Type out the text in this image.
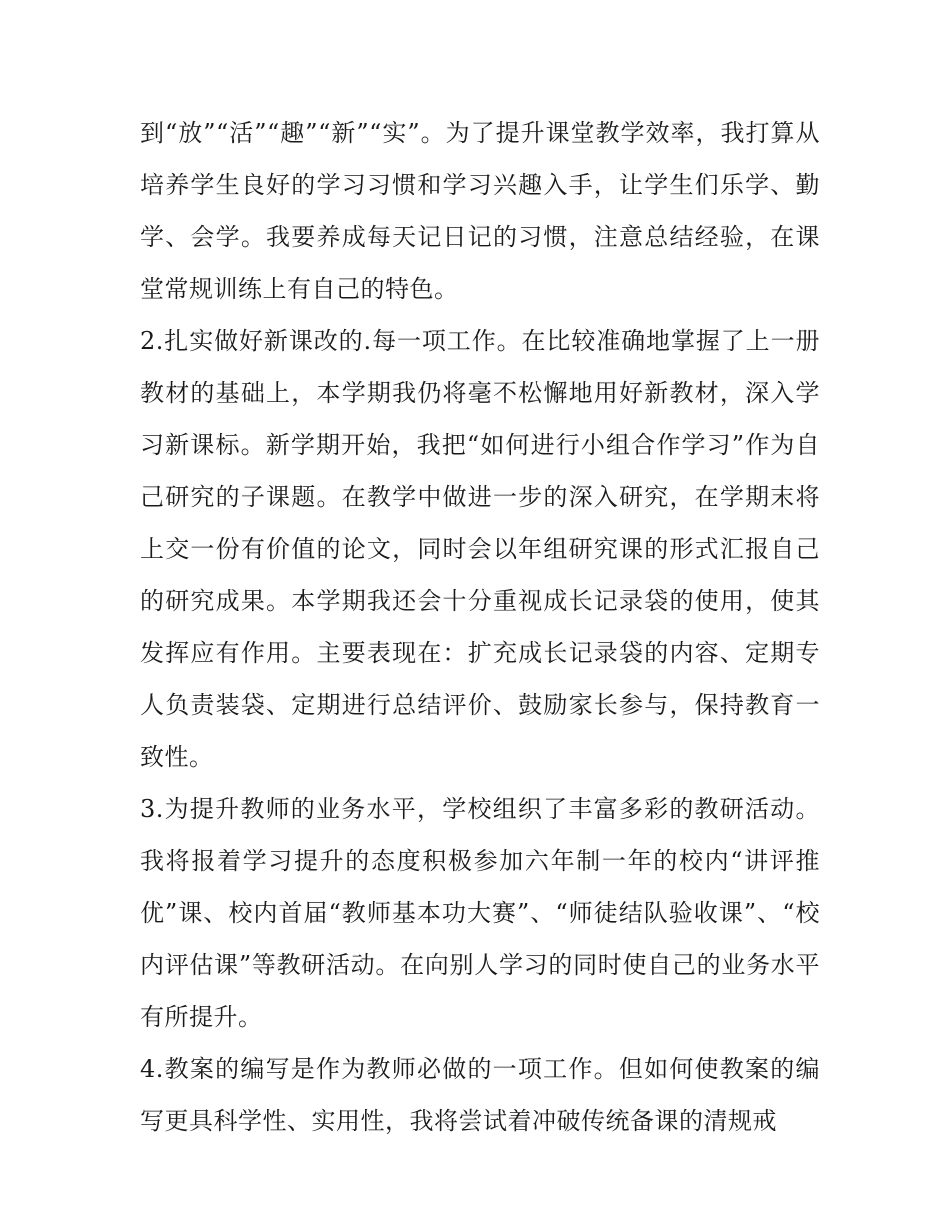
到“放”“活”“趣”“新”“实”。为了提升课堂教学效率，我打算从培养学生良好的学习习惯和学习兴趣入手，让学生们乐学、勤学、会学。我要养成每天记日记的习惯，注意总结经验，在课堂常规训练上有自己的特色。

2.扎实做好新课改的.每一项工作。在比较准确地掌握了上一册教材的基础上，本学期我仍将毫不松懈地用好新教材，深入学习新课标。新学期开始，我把“如何进行小组合作学习”作为自己研究的子课题。在教学中做进一步的深入研究，在学期末将上交一份有价值的论文，同时会以年组研究课的形式汇报自己的研究成果。本学期我还会十分重视成长记录袋的使用，使其发挥应有作用。主要表现在：扩充成长记录袋的内容、定期专人负责装袋、定期进行总结评价、鼓励家长参与，保持教育一致性。

3.为提升教师的业务水平，学校组织了丰富多彩的教研活动。我将报着学习提升的态度积极参加六年制一年的校内“讲评推优”课、校内首届“教师基本功大赛”、“师徒结队验收课”、“校内评估课”等教研活动。在向别人学习的同时使自己的业务水平有所提升。

4.教案的编写是作为教师必做的一项工作。但如何使教案的编写更具科学性、实用性，我将尝试着冲破传统备课的清规戒
